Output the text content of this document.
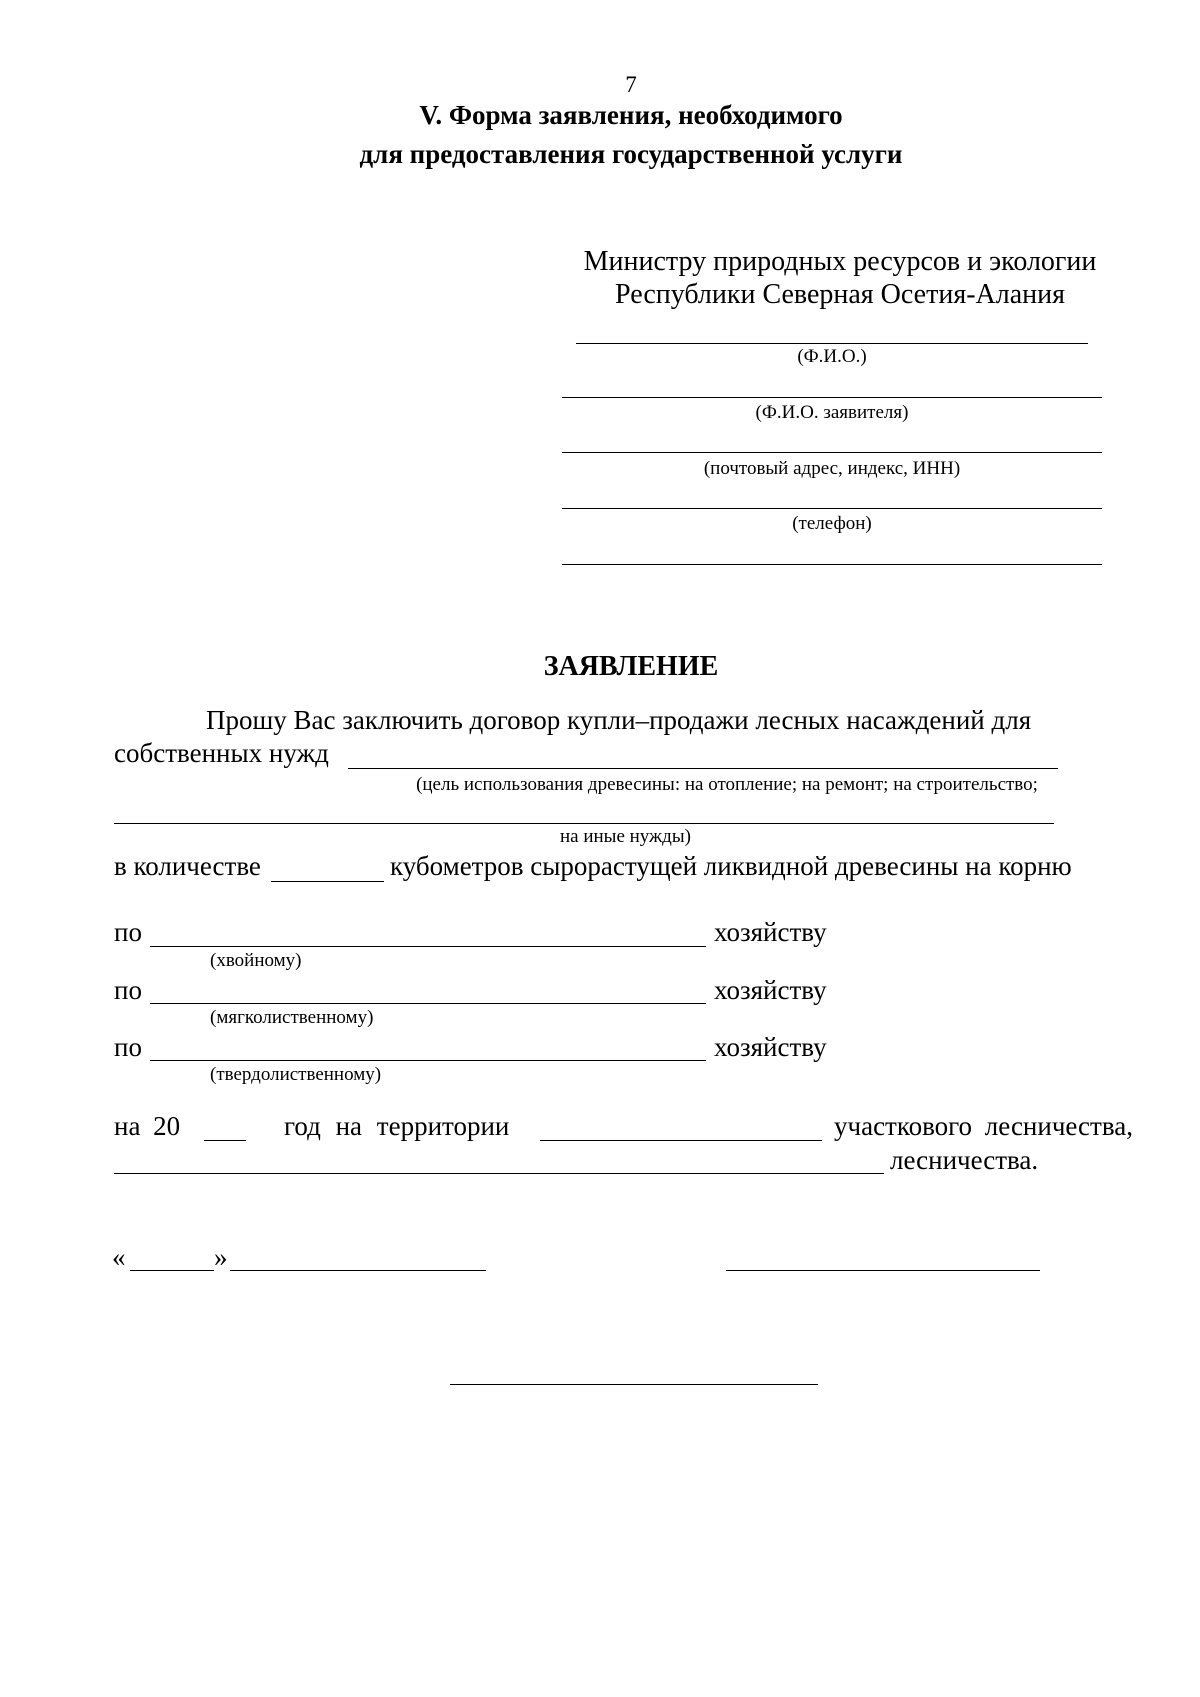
7
V. Форма заявления, необходимого
для предоставления государственной услуги
Министру природных ресурсов и экологии
Республики Северная Осетия-Алания
(Ф.И.О.)
(Ф.И.О. заявителя)
(почтовый адрес, индекс, ИНН)
(телефон)
ЗАЯВЛЕНИЕ
Прошу Вас заключить договор купли–продажи лесных насаждений для
собственных нужд
(цель использования древесины: на отопление; на ремонт; на строительство;
на иные нужды)
в количестве	кубометров сырорастущей ликвидной древесины на корню
по	хозяйству
(хвойному)
по	хозяйству
(мягколиственному)
по	хозяйству
(твердолиственному)
на 20	год на территории	участкового лесничества,
лесничества.
«	»
